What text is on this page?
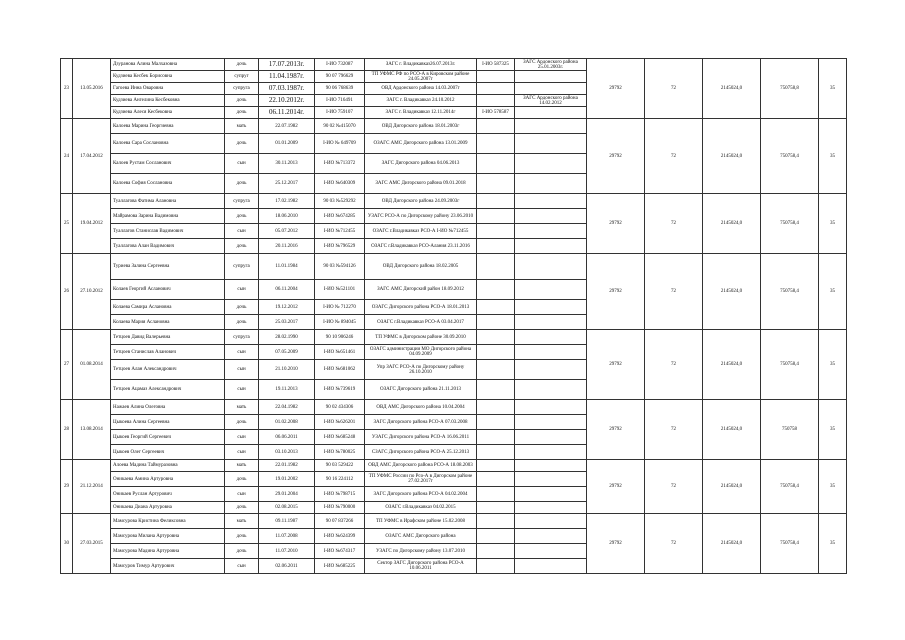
23	13.05.2016	Дзуранова Алина Малхазовна	дочь	17.07.2013г.	I-ИО 732087	ЗАГС г. Владикавказ26.07.2013г.	I-ИО 587325	ЗАГС Ардонского района 25.01.2003г.	29792	72	2145024,0	750758,8	35
		Кудзиева Кесбек Борисовна	супруг	11.04.1987г.	90 07 796629	ТП УФМС РФ по РСО-А в Кировском районе 24.05.2007г							
		Гагоева Инна Оваровна	супруга	07.03.1987г.	90 06 768639	ОВД Ардонского района 14.03.2007г							
		Кудзиева Ангелина Кесбековна	дочь	22.10.2012г.	I-ИО 716491	ЗАГС г. Владикавказ 24.10.2012		ЗАГС Ардонского района 14.02.2012					
		Кудзиева Алеся Кесбековна	дочь	06.11.2014г.	I-ИО 759107	ЗАГС г. Владикавказ 12.11.2014г	I-ИО 578587						
24	17.04.2012	Калоева Марина Георгиевна	мать	22.07.1982	90 02 №415070	ОВД Дигорского района 18.01.2003г			29792	72	2145024,0	750758,4	35
		Калоева Сара Сослановна	дочь	01.01.2009	I-ИО № 649709	ОЗАГС АМС Дигорского района 13.01.2009							
		Калоев Рустам Сосланович	сын	30.11.2013	I-ИО №713372	ЗАГС Дигорского района 04.06.2013							
		Калоева София Сослановна	дочь	25.12.2017	I-ИО №640309	ЗАГС АМС Дигорского района 09.01.2018							
25	19.04.2012	Туаллагова Фатима Алановна	супруга	17.02.1982	90 03 №529292	ОВД Дигорского района 24.09.2003г			29792	72	2145024,0	750758,4	35
		Майрамова Зарина Вадимовна	дочь	18.06.2010	I-ИО №674285	УЗАГС РСО-А по Дигорскому району 23.06.2010							
		Туаллагов Станислав Вадимович	сын	05.07.2012	I-ИО №712455	ОЗАГС г.Владикавказ РСО-А I-ИО №712455							
		Туаллагова Алан Вадимович	дочь	20.11.2016	I-ИО №796529	ОЗАГС г.Владикавказ РСО-Алания 23.11.2016							
26	27.10.2012	Туриева Залина Сергеевна	супруга	11.01.1984	90 03 №594126	ОВД Дигорского района 18.02.2005			29792	72	2145024,0	750758,4	35
		Колаев Георгий Асланович	сын	06.11.2004	I-ИО №521101	ЗАГС АМС Дигорский район 18.09.2012							
		Колаева Самира Аслановна	дочь	19.12.2012	I-ИО № 712270	ОЗАГС Дигорского района РСО-А 18.01.2013							
		Колаева Мария Аслановна	дочь	25.03.2017	I-ИО № 894045	ОЗАГС г.Владикавказ РСО-А 03.04.2017							
27	01.08.2014	Тетцоев Давид Валерьевна	супруга	28.02.1990	90 10 906246	ТП УФМС в Дигорском районе 30.09.2010			29792	72	2145024,0	750758,4	35
		Тетцоев Станислав Аланович	сын	07.05.2009	I-ИО №651461	ОЗАГС администрации МО Дигорского района 04.09.2009							
		Тетцоев Алан Александрович	сын	21.10.2010	I-ИО №681062	Упр ЗАГС РСО-А по Дигорскому району 26.10.2010							
		Тетцоев Ацамаз Александрович	сын	19.11.2013	I-ИО №739619	ОЗАГС Дигорского района 21.11.2013							
28	13.08.2014	Нажаев Алина Олеговна	мать	22.04.1982	90 02 434306	ОВД АМС Дигорского района 10.04.2004			29792	72	2145024,0	750758	35
		Цыкоева Алина Сергеевна	дочь	01.02.2008	I-ИО №626201	ЗАГС Дигорского района РСО-А 07.03.2008							
		Цыкоев Георгий Сергеевич	сын	06.06.2011	I-ИО №685248	УЗАГС Дигорского района РСО-А 16.06.2011							
		Цыкоев Олег Сергеевич	сын	03.10.2013	I-ИО №780025	СЗАГС Дигорского района РСО-А 25.12.2013							
29	21.12.2014	Алоева Мадина Таймуразовна	мать	22.01.1982	90 03 529422	ОВД АМС Дигорского района РСО-А 18.08.2003			29792	72	2145024,0	750758,4	35
		Оникаева Амина Артуровна	дочь	19.01.2002	90 16 224112	ТП УФМС России по Рсо-А в Дигорском районе 27.02.2017г							
		Оникаев Руслан Артурович	сын	29.01.2004	I-ИО №798715	ЗАГС Дигорского района РСО-А 04.02.2004							
		Оникаева Диана Артуровна	дочь	02.08.2015	I-ИО №790000	ОЗАГС г.Владикавказ 04.02.2015							
30	27.03.2015	Мамсурова Кристина Феликсовна	мать	09.11.1987	90 07 837266	ТП УФМС в Ирафском районе 15.02.2008			29792	72	2145024,0	750758,4	35
		Мамсурова Милана Артуровна	дочь	11.07.2008	I-ИО №624399	ОЗАГС АМС Дигорского района							
		Мамсурова Мадина Артуровна	дочь	11.07.2010	I-ИО №674317	УЗАГС по Дигорскому району 13.07.2010							
		Мамсуров Тимур Артурович	сын	02.06.2011	I-ИО №685225	Сектор ЗАГС Дигорского района РСО-А 10.06.2011							
